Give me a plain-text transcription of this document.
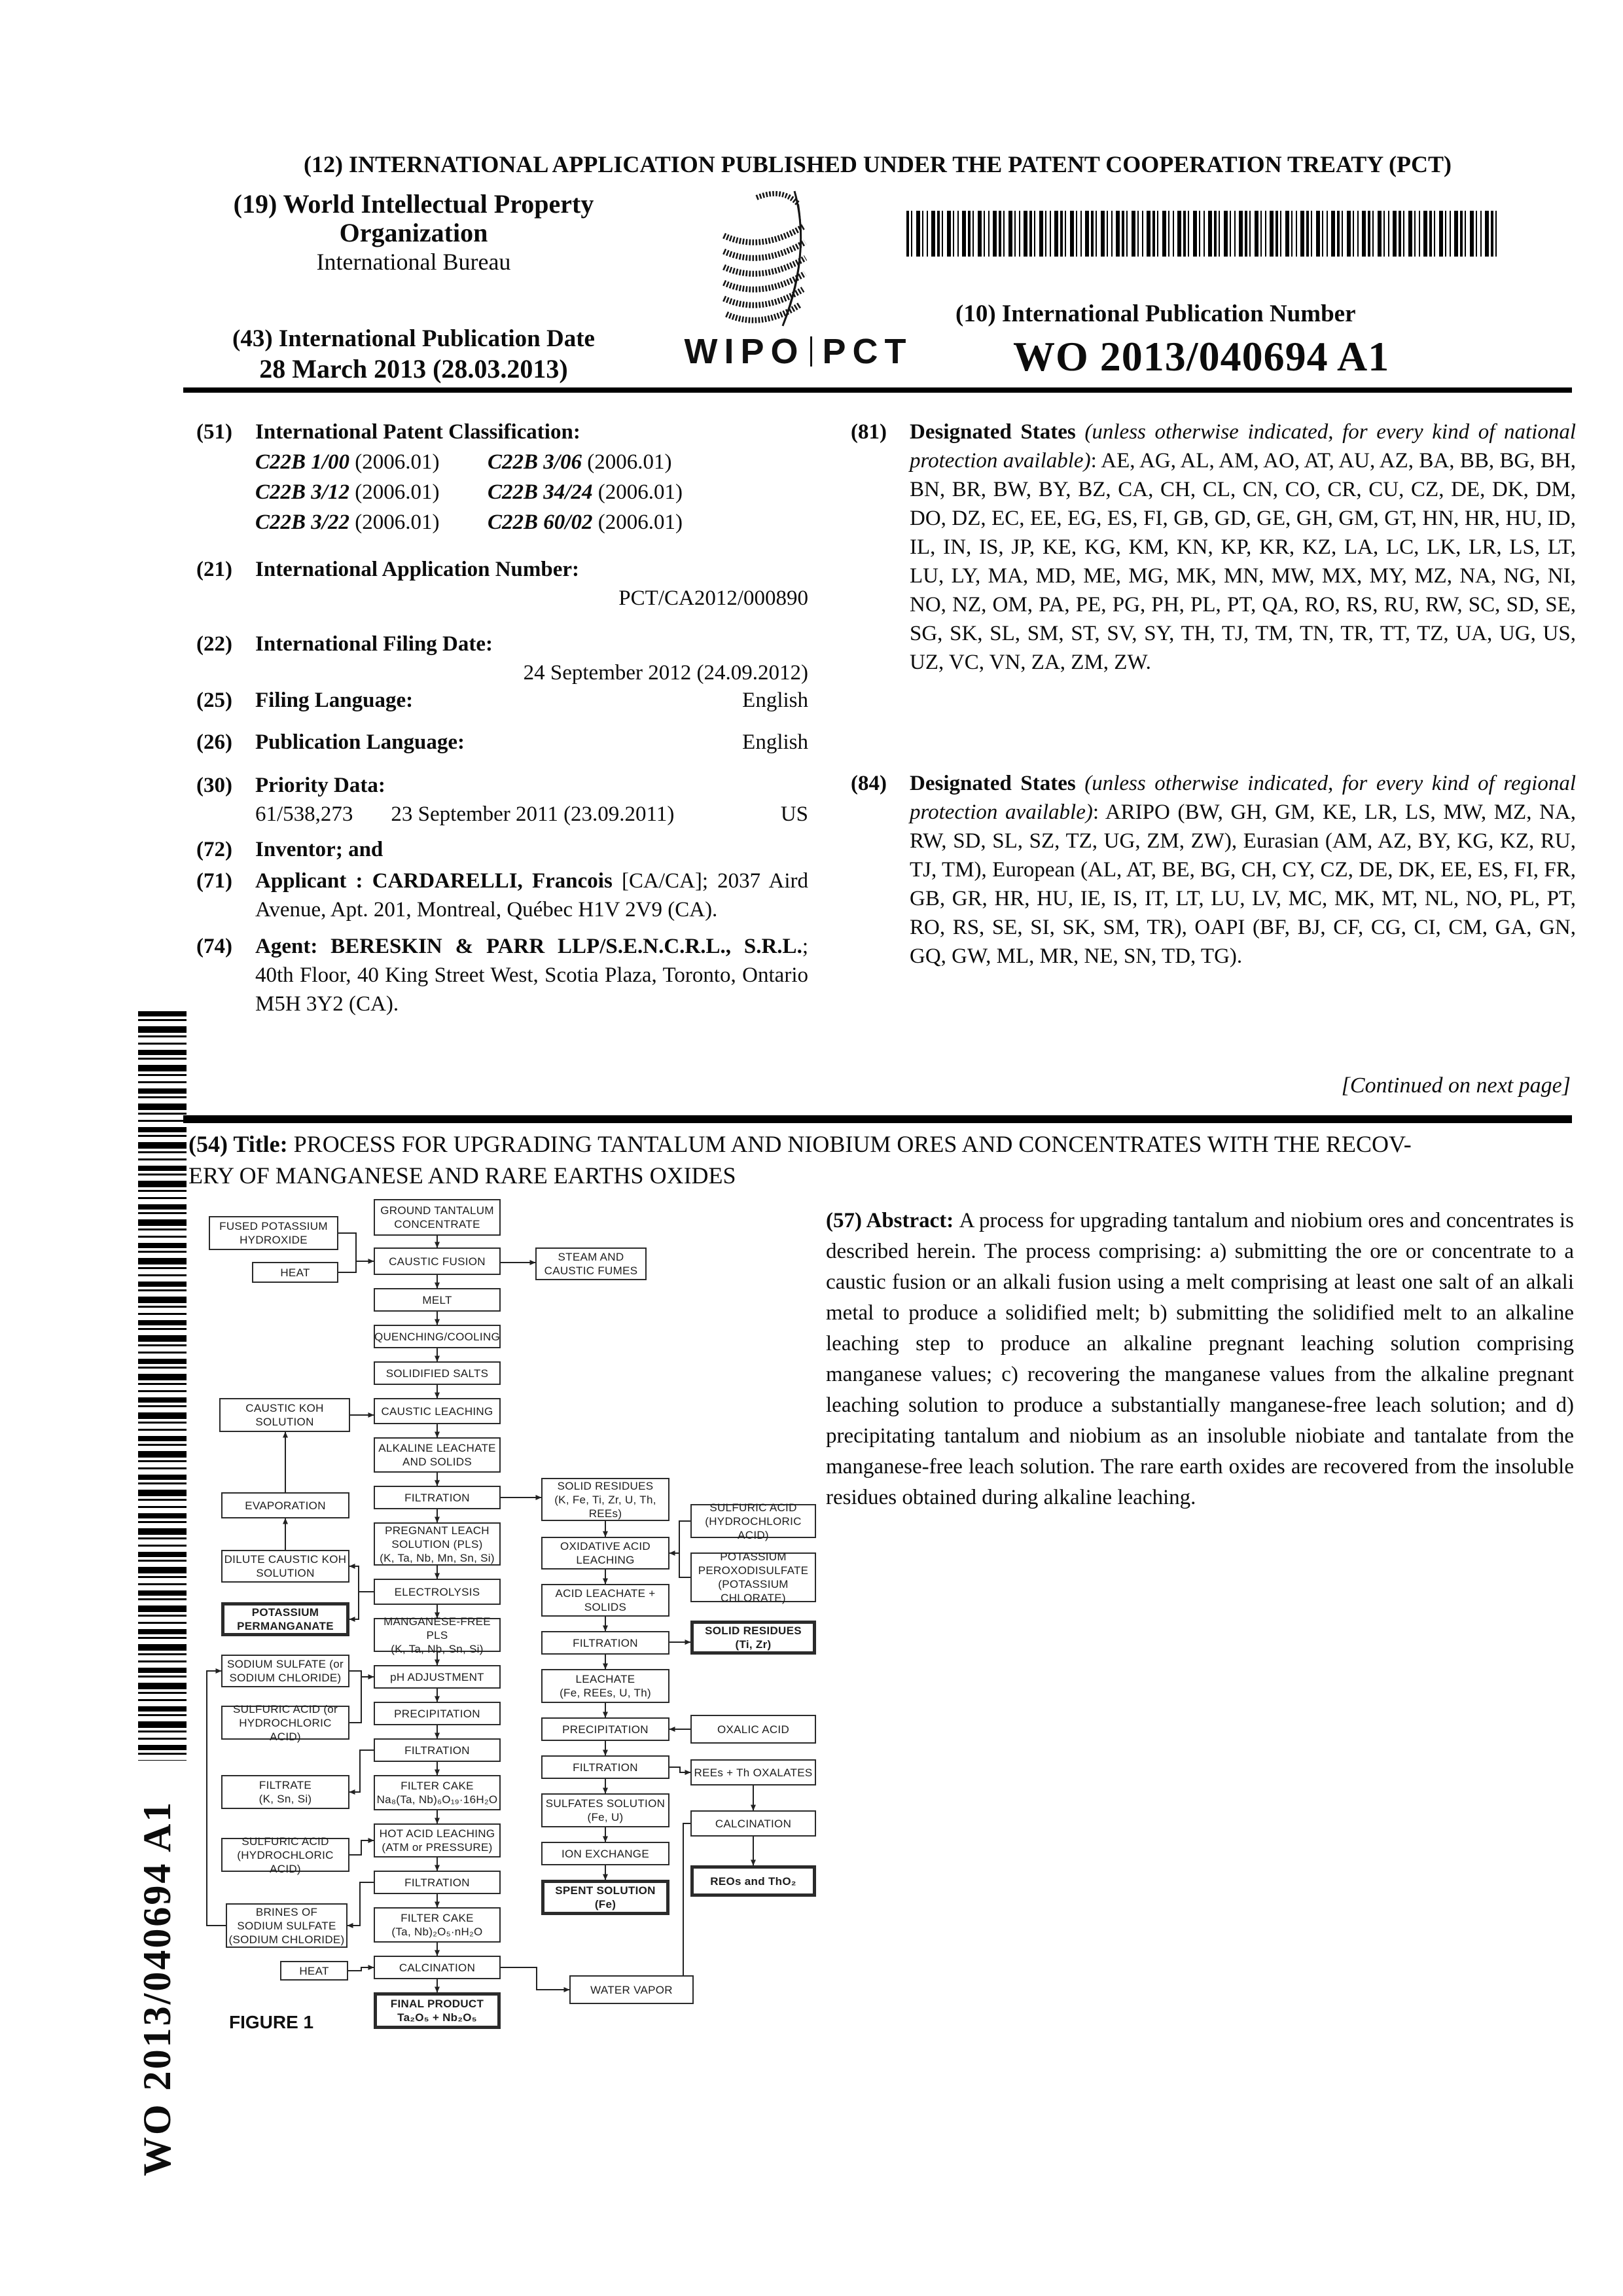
WO 2013/040694 A1
(12) INTERNATIONAL APPLICATION PUBLISHED UNDER THE PATENT COOPERATION TREATY (PCT)
(19) World Intellectual Property
Organization
International Bureau
(43) International Publication Date
28 March 2013 (28.03.2013)	WIPO PCT
(10) International Publication Number
WO 2013/040694 A1
(51) International Patent Classification:
C22B 1/00 (2006.01)	C22B 3/06 (2006.01)
C22B 3/12 (2006.01)	C22B 34/24 (2006.01)
C22B 3/22 (2006.01)	C22B 60/02 (2006.01)
(21) International Application Number:
PCT/CA2012/000890
(22) International Filing Date:
24 September 2012 (24.09.2012)
(25) Filing Language:	English
(26) Publication Language:	English
(30) Priority Data:
61/538,273 23 September 2011 (23.09.2011)	US
(72) Inventor; and
(71) Applicant : CARDARELLI, Francois [CA/CA]; 2037 Aird Avenue, Apt. 201, Montreal, Québec H1V 2V9 (CA).
(74) Agent: BERESKIN & PARR LLP/S.E.N.C.R.L., S.R.L.; 40th Floor, 40 King Street West, Scotia Plaza, Toronto, Ontario M5H 3Y2 (CA).
(81) Designated States (unless otherwise indicated, for every kind of national protection available): AE, AG, AL, AM, AO, AT, AU, AZ, BA, BB, BG, BH, BN, BR, BW, BY, BZ, CA, CH, CL, CN, CO, CR, CU, CZ, DE, DK, DM, DO, DZ, EC, EE, EG, ES, FI, GB, GD, GE, GH, GM, GT, HN, HR, HU, ID, IL, IN, IS, JP, KE, KG, KM, KN, KP, KR, KZ, LA, LC, LK, LR, LS, LT, LU, LY, MA, MD, ME, MG, MK, MN, MW, MX, MY, MZ, NA, NG, NI, NO, NZ, OM, PA, PE, PG, PH, PL, PT, QA, RO, RS, RU, RW, SC, SD, SE, SG, SK, SL, SM, ST, SV, SY, TH, TJ, TM, TN, TR, TT, TZ, UA, UG, US, UZ, VC, VN, ZA, ZM, ZW.
(84) Designated States (unless otherwise indicated, for every kind of regional protection available): ARIPO (BW, GH, GM, KE, LR, LS, MW, MZ, NA, RW, SD, SL, SZ, TZ, UG, ZM, ZW), Eurasian (AM, AZ, BY, KG, KZ, RU, TJ, TM), European (AL, AT, BE, BG, CH, CY, CZ, DE, DK, EE, ES, FI, FR, GB, GR, HR, HU, IE, IS, IT, LT, LU, LV, MC, MK, MT, NL, NO, PL, PT, RO, RS, SE, SI, SK, SM, TR), OAPI (BF, BJ, CF, CG, CI, CM, GA, GN, GQ, GW, ML, MR, NE, SN, TD, TG).
[Continued on next page]
(54) Title: PROCESS FOR UPGRADING TANTALUM AND NIOBIUM ORES AND CONCENTRATES WITH THE RECOV-
ERY OF MANGANESE AND RARE EARTHS OXIDES
(57) Abstract: A process for upgrading tantalum and niobium ores and concentrates is described herein. The process comprising: a) submitting the ore or concentrate to a caustic fusion or an alkali fusion using a melt comprising at least one salt of an alkali metal to produce a solidified melt; b) submitting the solidified melt to an alkaline leaching step to produce an alkaline pregnant leaching solution comprising manganese values; c) recovering the manganese values from the alkaline pregnant leaching solution to produce a substantially manganese-free leach solution; and d) precipitating tantalum and niobium as an insoluble niobiate and tantalate from the manganese-free leach solution. The rare earth oxides are recovered from the insoluble residues obtained during alkaline leaching.
FIGURE 1
GROUND TANTALUM
CONCENTRATE
FUSED POTASSIUM
HYDROXIDE
HEAT
CAUSTIC FUSION	STEAM AND
CAUSTIC FUMES
MELT
QUENCHING/COOLING
SOLIDIFIED SALTS
CAUSTIC KOH
SOLUTION
CAUSTIC LEACHING
ALKALINE LEACHATE
AND SOLIDS
FILTRATION
SOLID RESIDUES
(K, Fe, Ti, Zr, U, Th,
REEs)
EVAPORATION
PREGNANT LEACH
SOLUTION (PLS)
(K, Ta, Nb, Mn, Sn, Si)
SULFURIC ACID
(HYDROCHLORIC ACID)
OXIDATIVE ACID
LEACHING
DILUTE CAUSTIC KOH
SOLUTION
POTASSIUM
PEROXODISULFATE
(POTASSIUM
CHLORATE)
ELECTROLYSIS	ACID LEACHATE +
SOLIDS
POTASSIUM
PERMANGANATE	MANGANESE-FREE PLS
(K, Ta, Nb, Sn, Si)	FILTRATION
SOLID RESIDUES
(Ti, Zr)
SODIUM SULFATE (or
SODIUM CHLORIDE)	pH ADJUSTMENT	LEACHATE
(Fe, REEs, U, Th)
SULFURIC ACID (or
HYDROCHLORIC ACID)
PRECIPITATION
PRECIPITATION	OXALIC ACID
FILTRATION
FILTRATE
(K, Sn, Si)
FILTER CAKE
Na₈(Ta, Nb)₆O₁₉·16H₂O
FILTRATION	REEs + Th OXALATES
SULFATES SOLUTION
(Fe, U)
HOT ACID LEACHING
(ATM or PRESSURE)
CALCINATION
SULFURIC ACID
(HYDROCHLORIC ACID)
ION EXCHANGE
REOs and ThO₂
FILTRATION
SPENT SOLUTION
(Fe)
FILTER CAKE
(Ta, Nb)₂O₅·nH₂O
BRINES OF
SODIUM SULFATE
(SODIUM CHLORIDE)
HEAT	CALCINATION
WATER VAPOR
FINAL PRODUCT
Ta₂O₅ + Nb₂O₅
